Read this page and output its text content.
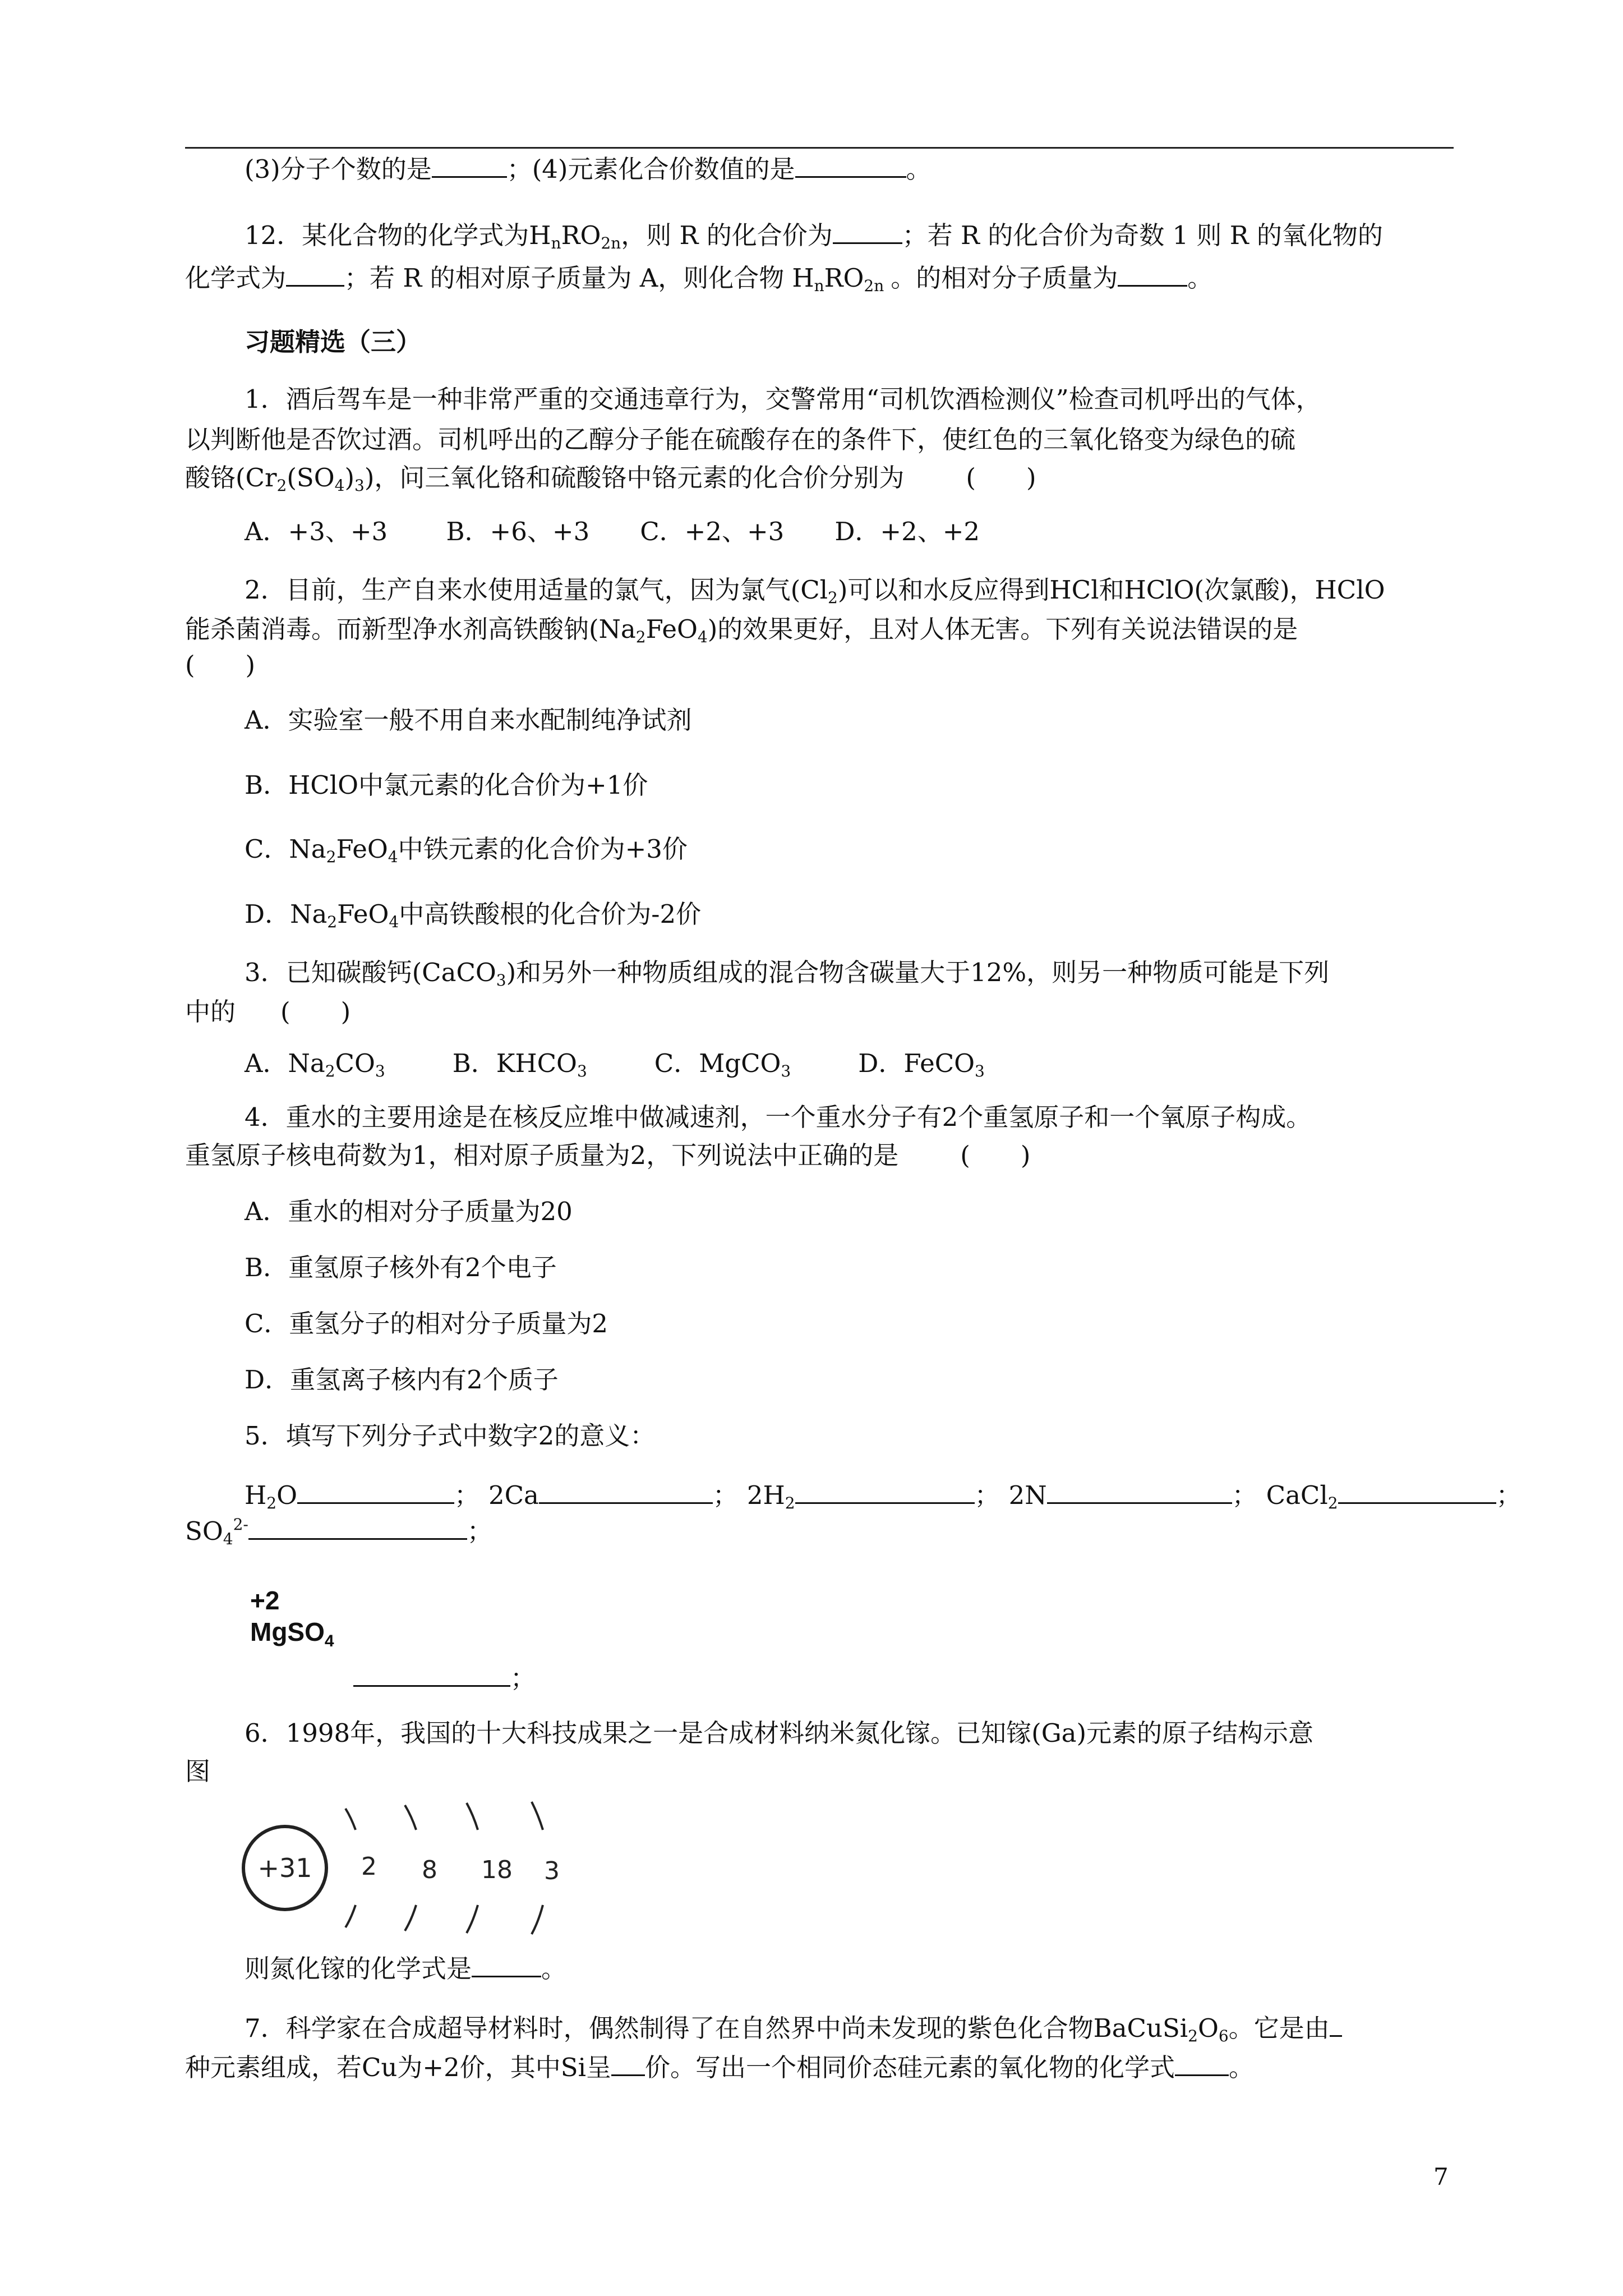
(3)分子个数的是	；(4)元素化合价数值的是	。
12．某化合物的化学式为$H_nRO_{2n}$，则 R 的化合价为	；若 R 的化合价为奇数 1 则 R 的氧化物的
化学式为 ；若 R 的相对原子质量为 A，则化合物 $H_nRO_{2n}$ 。的相对分子质量为	。
习题精选（三）
1．酒后驾车是一种非常严重的交通违章行为，交警常用“司机饮酒检测仪”检查司机呼出的气体，
以判断他是否饮过酒。司机呼出的乙醇分子能在硫酸存在的条件下，使红色的三氧化铬变为绿色的硫
酸铬$(Cr_2(SO_4)_3)$，问三氧化铬和硫酸铬中铬元素的化合价分别为 (　　)
A．+3、+3　　 B．+6、+3　　C．+2、+3　　D．+2、+2
2．目前，生产自来水使用适量的氯气，因为氯气$(Cl_2)$可以和水反应得到HCl和HClO(次氯酸)，HClO
能杀菌消毒。而新型净水剂高铁酸钠$(Na_2FeO_4)$的效果更好，且对人体无害。下列有关说法错误的是
(　　)
A．实验室一般不用自来水配制纯净试剂
B．HClO中氯元素的化合价为+1价
C．$Na_2FeO_4$中铁元素的化合价为+3价
D．$Na_2FeO_4$中高铁酸根的化合价为-2价
3．已知碳酸钙(CaCO$_3$)和另外一种物质组成的混合物含碳量大于12%，则另一种物质可能是下列
中的 (　　)
A．$Na_2CO_3$	B．$KHCO_3$	C．MgCO$_3$	D．FeCO$_3$
4．重水的主要用途是在核反应堆中做减速剂，一个重水分子有2个重氢原子和一个氧原子构成。
重氢原子核电荷数为1，相对原子质量为2，下列说法中正确的是 (　　)
A．重水的相对分子质量为20
B．重氢原子核外有2个电子
C．重氢分子的相对分子质量为2
D．重氢离子核内有2个质子
5．填写下列分子式中数字2的意义：
$H_2O$	； 2Ca	； $2H_2$	； 2N	； CaCl$_2$	；
$SO_4^{2-}$	；
+2
MgSO$_4$
；
6．1998年，我国的十大科技成果之一是合成材料纳米氮化镓。已知镓(Ga)元素的原子结构示意
图
+31 2 8 18 3
则氮化镓的化学式是	。
7．科学家在合成超导材料时，偶然制得了在自然界中尚未发现的紫色化合物$BaCuSi_2O_6$。它是由
种元素组成，若Cu为+2价，其中Si呈 价。写出一个相同价态硅元素的氧化物的化学式 。
7
